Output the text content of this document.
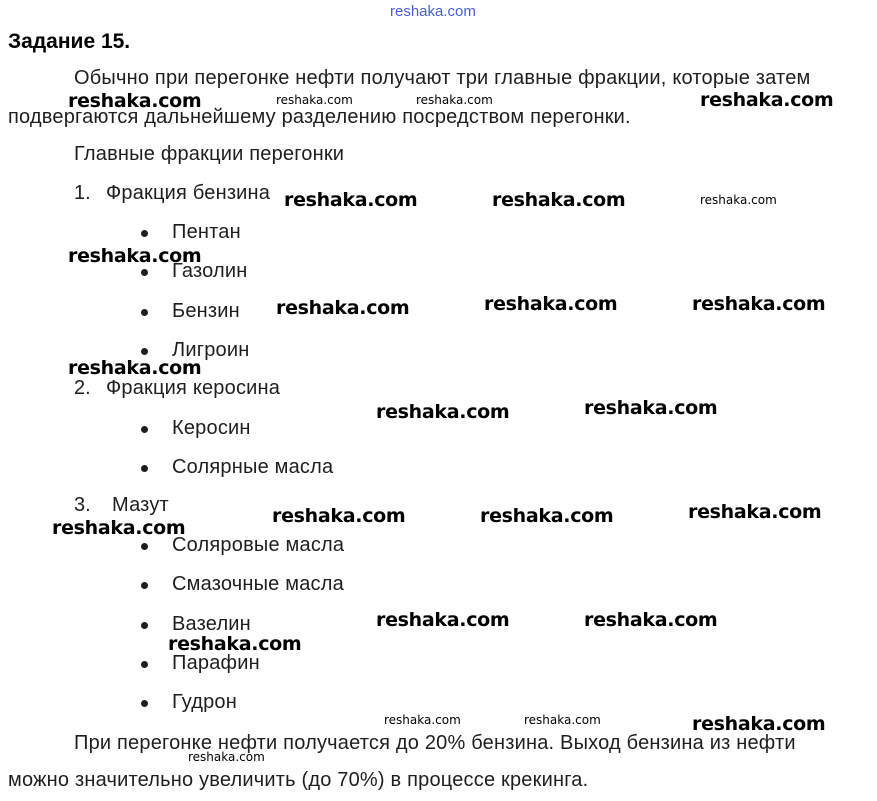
reshaka.com
Задание 15.
Обычно при перегонке нефти получают три главные фракции, которые затем
подвергаются дальнейшему разделению посредством перегонки.
Главные фракции перегонки
1. Фракция бензина
Пентан
Газолин
Бензин
Лигроин
2. Фракция керосина
Керосин
Солярные масла
3. Мазут
Соляровые масла
Смазочные масла
Вазелин
Парафин
Гудрон
При перегонке нефти получается до 20% бензина. Выход бензина из нефти
можно значительно увеличить (до 70%) в процессе крекинга.
reshaka.com	reshaka.com	reshaka.com	reshaka.com
reshaka.com	reshaka.com	reshaka.com
reshaka.com
reshaka.com	reshaka.com	reshaka.com
reshaka.com
reshaka.com	reshaka.com
reshaka.com
reshaka.com	reshaka.com	reshaka.com
reshaka.com	reshaka.com
reshaka.com
reshaka.com	reshaka.com	reshaka.com
reshaka.com
